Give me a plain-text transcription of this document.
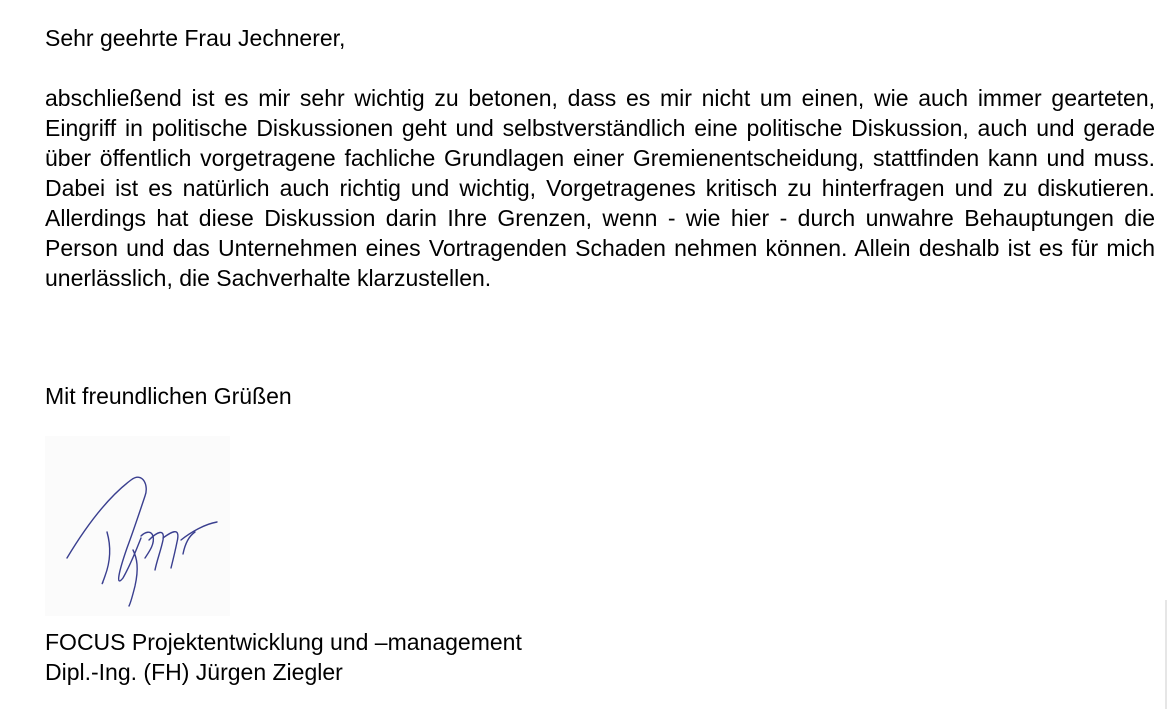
Sehr geehrte Frau Jechnerer,

abschließend ist es mir sehr wichtig zu betonen, dass es mir nicht um einen, wie auch immer gearteten, Eingriff in politische Diskussionen geht und selbstverständlich eine politische Diskussion, auch und gerade über öffentlich vorgetragene fachliche Grundlagen einer Gremienentscheidung, stattfinden kann und muss. Dabei ist es natürlich auch richtig und wichtig, Vorgetragenes kritisch zu hinterfragen und zu diskutieren. Allerdings hat diese Diskussion darin Ihre Grenzen, wenn - wie hier - durch unwahre Behauptungen die Person und das Unternehmen eines Vortragenden Schaden nehmen können. Allein deshalb ist es für mich unerlässlich, die Sachverhalte klarzustellen.

Mit freundlichen Grüßen
FOCUS Projektentwicklung und –management
Dipl.-Ing. (FH) Jürgen Ziegler
